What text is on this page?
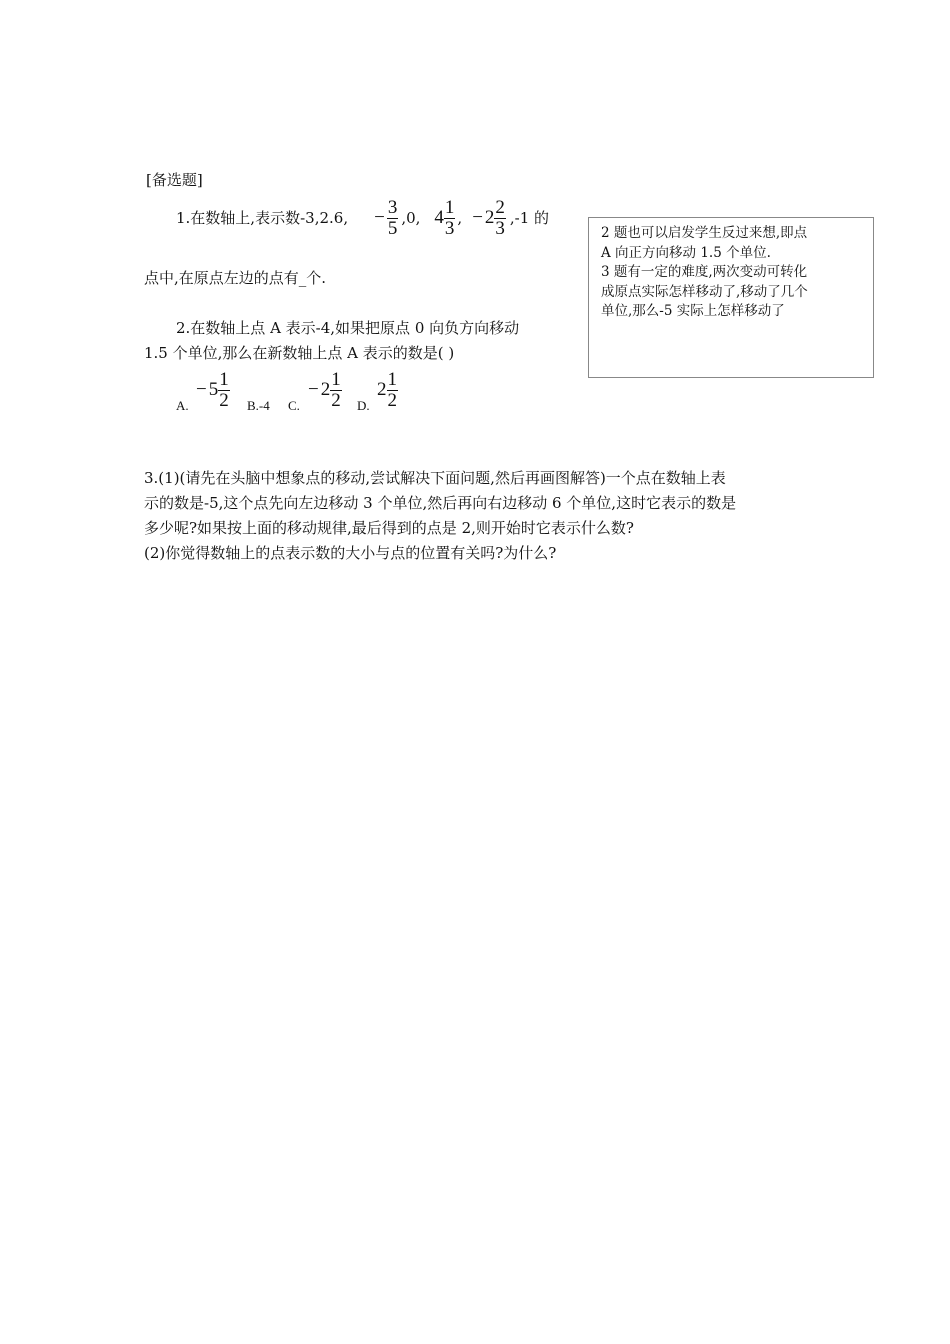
[备选题]
1.在数轴上,表示数-3,2.6, − $\frac{3}{5} ,0$, $4 \frac{1}{3}$ , − $2 \frac{2}{3} ,-1$ 的
点中,在原点左边的点有_个.
2.在数轴上点 A 表示-4,如果把原点 0 向负方向移动
1.5 个单位,那么在新数轴上点 A 表示的数是( )
A.
− $5 \frac{1}{2} B.-4$ C.
− $2 \frac{1}{2} D$.
$2 \frac{1}{2}$
3.(1)(请先在头脑中想象点的移动,尝试解决下面问题,然后再画图解答)一个点在数轴上表
示的数是-5,这个点先向左边移动 3 个单位,然后再向右边移动 6 个单位,这时它表示的数是
多少呢?如果按上面的移动规律,最后得到的点是 2,则开始时它表示什么数?
(2)你觉得数轴上的点表示数的大小与点的位置有关吗?为什么?

2 题也可以启发学生反过来想,即点

A 向正方向移动 1.5 个单位.

3 题有一定的难度,两次变动可转化

成原点实际怎样移动了,移动了几个

单位,那么-5 实际上怎样移动了
